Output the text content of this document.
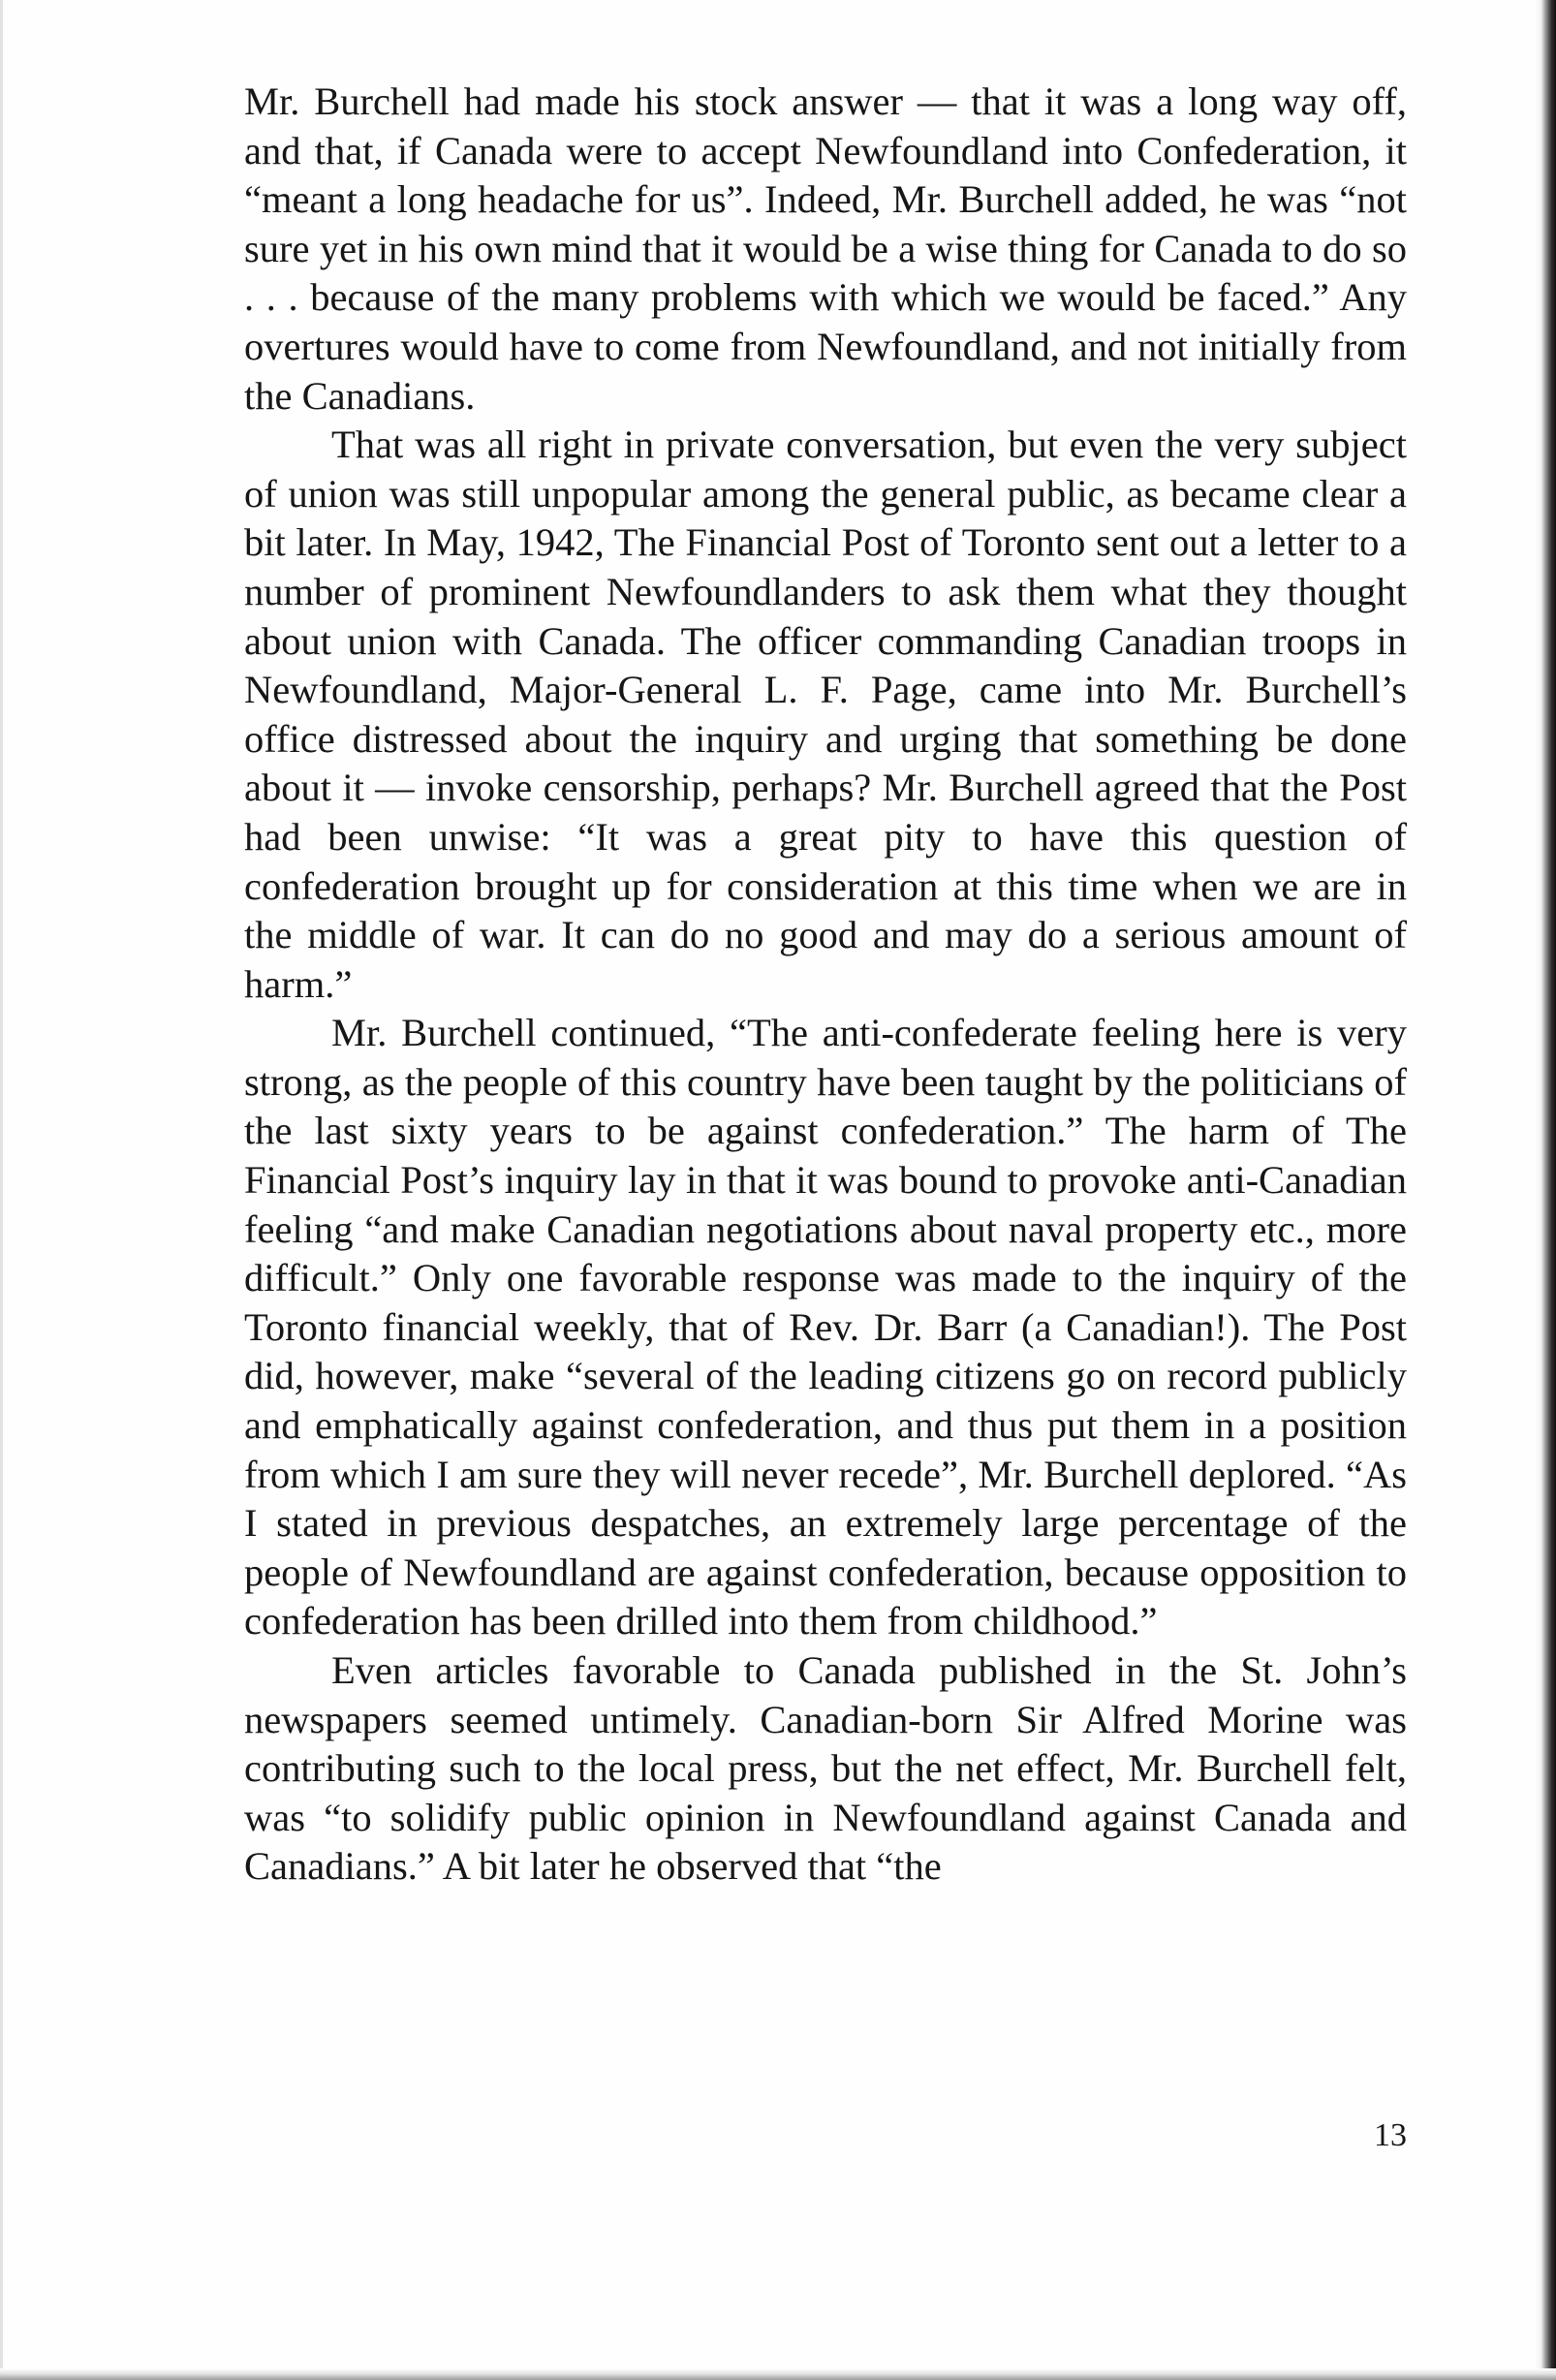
Mr. Burchell had made his stock answer — that it was a long way off, and that, if Canada were to accept Newfoundland into Confederation, it “meant a long headache for us”. Indeed, Mr. Burchell added, he was “not sure yet in his own mind that it would be a wise thing for Canada to do so . . . because of the many problems with which we would be faced.” Any overtures would have to come from Newfoundland, and not initially from the Canadians.

That was all right in private conversation, but even the very subject of union was still unpopular among the general public, as became clear a bit later. In May, 1942, The Financial Post of Toronto sent out a letter to a number of prominent Newfoundlanders to ask them what they thought about union with Canada. The officer commanding Canadian troops in Newfoundland, Major-General L. F. Page, came into Mr. Burchell’s office distressed about the inquiry and urging that something be done about it — invoke censorship, perhaps? Mr. Burchell agreed that the Post had been unwise: “It was a great pity to have this question of confederation brought up for consideration at this time when we are in the middle of war. It can do no good and may do a serious amount of harm.”

Mr. Burchell continued, “The anti-confederate feeling here is very strong, as the people of this country have been taught by the politicians of the last sixty years to be against confederation.” The harm of The Financial Post’s inquiry lay in that it was bound to provoke anti-Canadian feeling “and make Canadian negotiations about naval property etc., more difficult.” Only one favorable response was made to the inquiry of the Toronto financial weekly, that of Rev. Dr. Barr (a Canadian!). The Post did, however, make “several of the leading citizens go on record publicly and emphatically against confederation, and thus put them in a position from which I am sure they will never recede”, Mr. Burchell deplored. “As I stated in previous despatches, an extremely large percentage of the people of Newfoundland are against confederation, because opposition to confederation has been drilled into them from childhood.”

Even articles favorable to Canada published in the St. John’s newspapers seemed untimely. Canadian-born Sir Alfred Morine was contributing such to the local press, but the net effect, Mr. Burchell felt, was “to solidify public opinion in Newfoundland against Canada and Canadians.” A bit later he observed that “the

13
